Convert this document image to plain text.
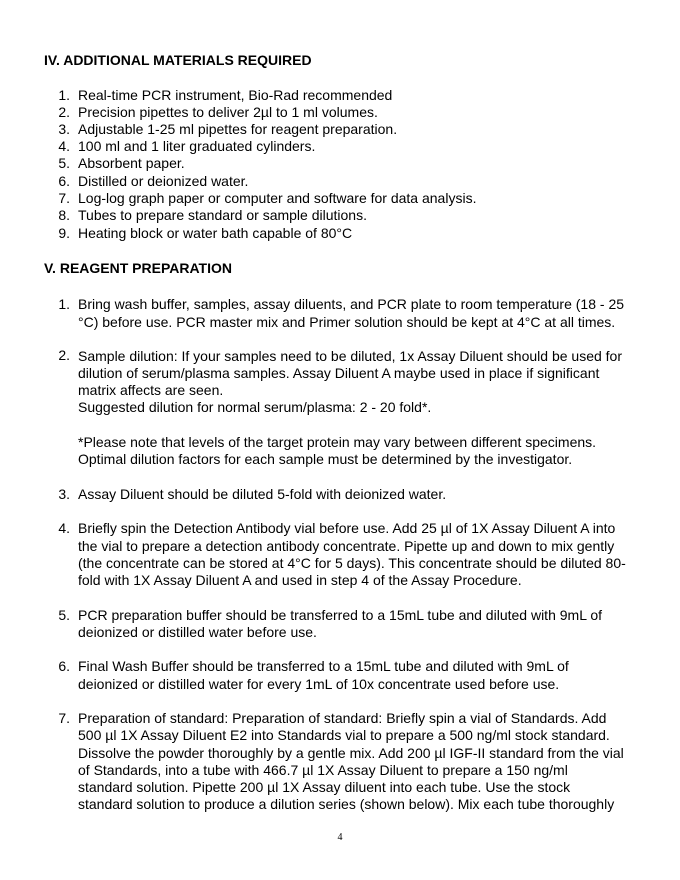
IV. ADDITIONAL MATERIALS REQUIRED
1. Real-time PCR instrument, Bio-Rad recommended
2. Precision pipettes to deliver 2µl to 1 ml volumes.
3. Adjustable 1-25 ml pipettes for reagent preparation.
4. 100 ml and 1 liter graduated cylinders.
5. Absorbent paper.
6. Distilled or deionized water.
7. Log-log graph paper or computer and software for data analysis.
8. Tubes to prepare standard or sample dilutions.
9. Heating block or water bath capable of 80°C
V. REAGENT PREPARATION
1. Bring wash buffer, samples, assay diluents, and PCR plate to room temperature (18 - 25
°C) before use. PCR master mix and Primer solution should be kept at 4°C at all times.
2. Sample dilution: If your samples need to be diluted, 1x Assay Diluent should be used for
dilution of serum/plasma samples. Assay Diluent A maybe used in place if significant
matrix affects are seen.
Suggested dilution for normal serum/plasma: 2 - 20 fold*.
*Please note that levels of the target protein may vary between different specimens.
Optimal dilution factors for each sample must be determined by the investigator.
3. Assay Diluent should be diluted 5-fold with deionized water.
4. Briefly spin the Detection Antibody vial before use. Add 25 µl of 1X Assay Diluent A into
the vial to prepare a detection antibody concentrate. Pipette up and down to mix gently
(the concentrate can be stored at 4°C for 5 days). This concentrate should be diluted 80-
fold with 1X Assay Diluent A and used in step 4 of the Assay Procedure.
5. PCR preparation buffer should be transferred to a 15mL tube and diluted with 9mL of
deionized or distilled water before use.
6. Final Wash Buffer should be transferred to a 15mL tube and diluted with 9mL of
deionized or distilled water for every 1mL of 10x concentrate used before use.
7. Preparation of standard: Preparation of standard: Briefly spin a vial of Standards. Add
500 µl 1X Assay Diluent E2 into Standards vial to prepare a 500 ng/ml stock standard.
Dissolve the powder thoroughly by a gentle mix. Add 200 µl IGF-II standard from the vial
of Standards, into a tube with 466.7 µl 1X Assay Diluent to prepare a 150 ng/ml
standard solution. Pipette 200 µl 1X Assay diluent into each tube. Use the stock
standard solution to produce a dilution series (shown below). Mix each tube thoroughly
4
